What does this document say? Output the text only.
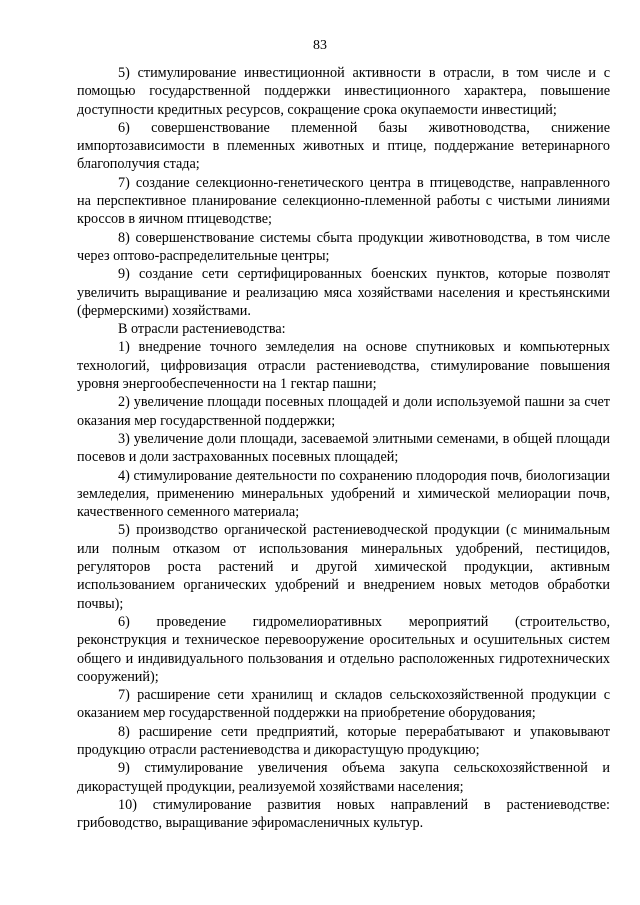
83

5) стимулирование инвестиционной активности в отрасли, в том числе и с помощью государственной поддержки инвестиционного характера, повышение доступности кредитных ресурсов, сокращение срока окупаемости инвестиций;

6) совершенствование племенной базы животноводства, снижение импортозависимости в племенных животных и птице, поддержание ветеринарного благополучия стада;

7) создание селекционно-генетического центра в птицеводстве, направленного на перспективное планирование селекционно-племенной работы с чистыми линиями кроссов в яичном птицеводстве;

8) совершенствование системы сбыта продукции животноводства, в том числе через оптово-распределительные центры;

9) создание сети сертифицированных боенских пунктов, которые позволят увеличить выращивание и реализацию мяса хозяйствами населения и крестьянскими (фермерскими) хозяйствами.

В отрасли растениеводства:

1) внедрение точного земледелия на основе спутниковых и компьютерных технологий, цифровизация отрасли растениеводства, стимулирование повышения уровня энергообеспеченности на 1 гектар пашни;

2) увеличение площади посевных площадей и доли используемой пашни за счет оказания мер государственной поддержки;

3) увеличение доли площади, засеваемой элитными семенами, в общей площади посевов и доли застрахованных посевных площадей;

4) стимулирование деятельности по сохранению плодородия почв, биологизации земледелия, применению минеральных удобрений и химической мелиорации почв, качественного семенного материала;

5) производство органической растениеводческой продукции (с минимальным или полным отказом от использования минеральных удобрений, пестицидов, регуляторов роста растений и другой химической продукции, активным использованием органических удобрений и внедрением новых методов обработки почвы);

6) проведение гидромелиоративных мероприятий (строительство, реконструкция и техническое перевооружение оросительных и осушительных систем общего и индивидуального пользования и отдельно расположенных гидротехнических сооружений);

7) расширение сети хранилищ и складов сельскохозяйственной продукции с оказанием мер государственной поддержки на приобретение оборудования;

8) расширение сети предприятий, которые перерабатывают и упаковывают продукцию отрасли растениеводства и дикорастущую продукцию;

9) стимулирование увеличения объема закупа сельскохозяйственной и дикорастущей продукции, реализуемой хозяйствами населения;

10) стимулирование развития новых направлений в растениеводстве: грибоводство, выращивание эфиромасленичных культур.
